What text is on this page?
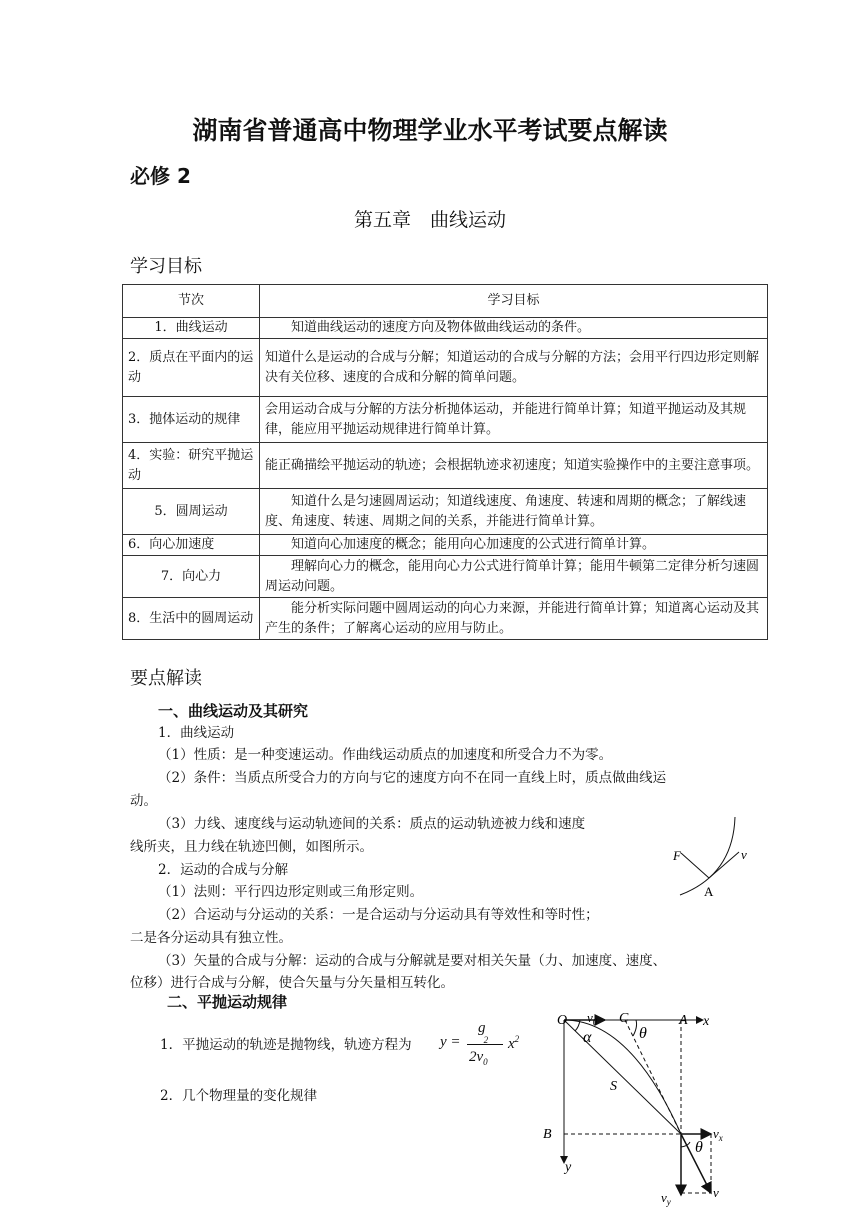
湖南省普通高中物理学业水平考试要点解读
必修 2
第五章　曲线运动
学习目标
节次	学习目标
1．曲线运动	知道曲线运动的速度方向及物体做曲线运动的条件。
2．质点在平面内的运动	知道什么是运动的合成与分解；知道运动的合成与分解的方法；会用平行四边形定则解决有关位移、速度的合成和分解的简单问题。
3．抛体运动的规律	会用运动合成与分解的方法分析抛体运动，并能进行简单计算；知道平抛运动及其规律，能应用平抛运动规律进行简单计算。
4．实验：研究平抛运动	能正确描绘平抛运动的轨迹；会根据轨迹求初速度；知道实验操作中的主要注意事项。
5．圆周运动	知道什么是匀速圆周运动；知道线速度、角速度、转速和周期的概念；了解线速度、角速度、转速、周期之间的关系，并能进行简单计算。
6．向心加速度	知道向心加速度的概念；能用向心加速度的公式进行简单计算。
7．向心力	理解向心力的概念，能用向心力公式进行简单计算；能用牛顿第二定律分析匀速圆周运动问题。
8．生活中的圆周运动	能分析实际问题中圆周运动的向心力来源，并能进行简单计算；知道离心运动及其产生的条件；了解离心运动的应用与防止。
要点解读
一、曲线运动及其研究
1．曲线运动
（1）性质：是一种变速运动。作曲线运动质点的加速度和所受合力不为零。
（2）条件：当质点所受合力的方向与它的速度方向不在同一直线上时，质点做曲线运
动。
（3）力线、速度线与运动轨迹间的关系：质点的运动轨迹被力线和速度
线所夹，且力线在轨迹凹侧，如图所示。
2．运动的合成与分解
（1）法则：平行四边形定则或三角形定则。
（2）合运动与分运动的关系：一是合运动与分运动具有等效性和等时性；
二是各分运动具有独立性。
（3）矢量的合成与分解：运动的合成与分解就是要对相关矢量（力、加速度、速度、
位移）进行合成与分解，使合矢量与分矢量相互转化。
F	v
A
二、平抛运动规律
1．平抛运动的轨迹是抛物线，轨迹方程为 y =
g
$2v_0^2$ $x^2$
2．几个物理量的变化规律
O $v_0$ C	A x
θ
α
S
B
y
$v_x$
θ
$v_y$
v
